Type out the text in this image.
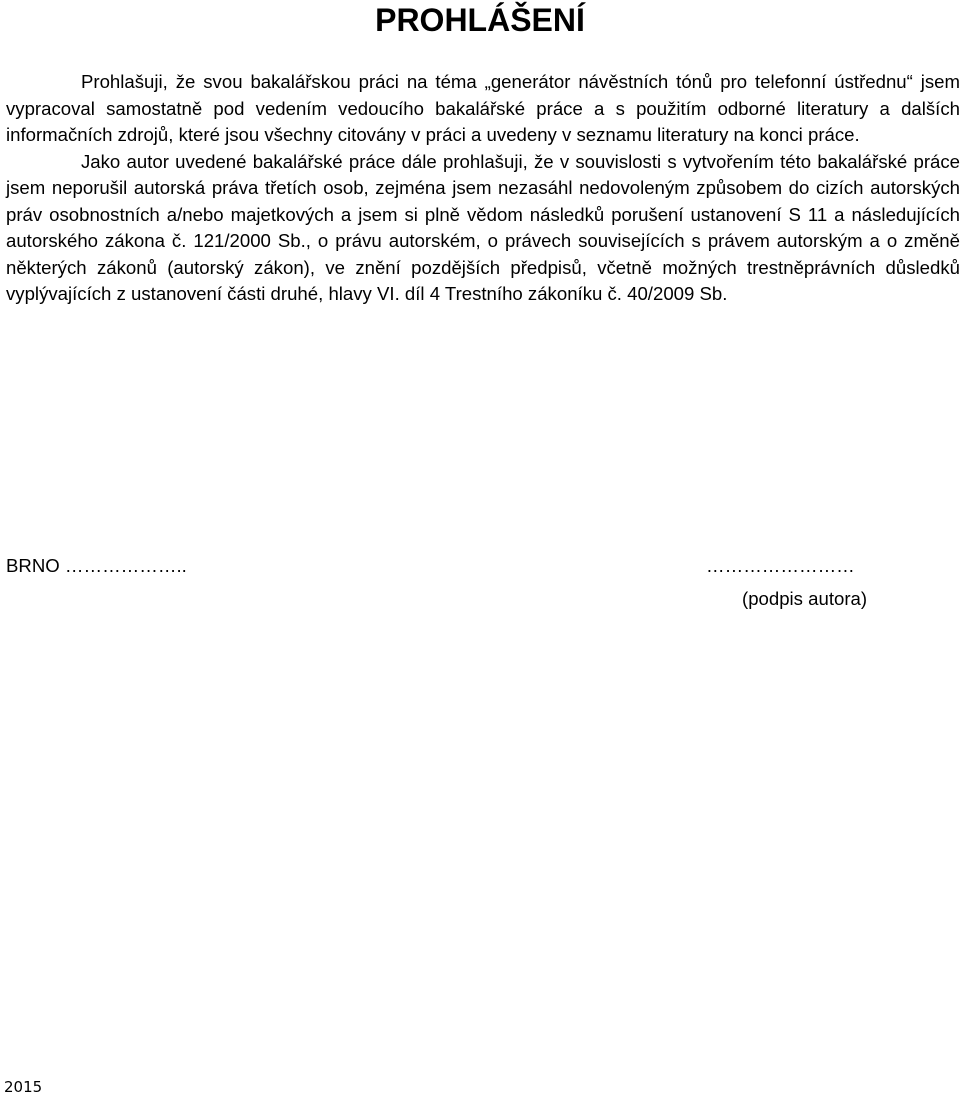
PROHLÁŠENÍ

Prohlašuji, že svou bakalářskou práci na téma „generátor návěstních tónů pro telefonní ústřednu“ jsem vypracoval samostatně pod vedením vedoucího bakalářské práce a s použitím odborné literatury a dalších informačních zdrojů, které jsou všechny citovány v práci a uvedeny v seznamu literatury na konci práce.

Jako autor uvedené bakalářské práce dále prohlašuji, že v souvislosti s vytvořením této bakalářské práce jsem neporušil autorská práva třetích osob, zejména jsem nezasáhl nedovoleným způsobem do cizích autorských práv osobnostních a/nebo majetkových a jsem si plně vědom následků porušení ustanovení S 11 a následujících autorského zákona č. 121/2000 Sb., o právu autorském, o právech souvisejících s právem autorským a o změně některých zákonů (autorský zákon), ve znění pozdějších předpisů, včetně možných trestněprávních důsledků vyplývajících z ustanovení části druhé, hlavy VI. díl 4 Trestního zákoníku č. 40/2009 Sb.

BRNO ………………..	……………………
(podpis autora)
2015
